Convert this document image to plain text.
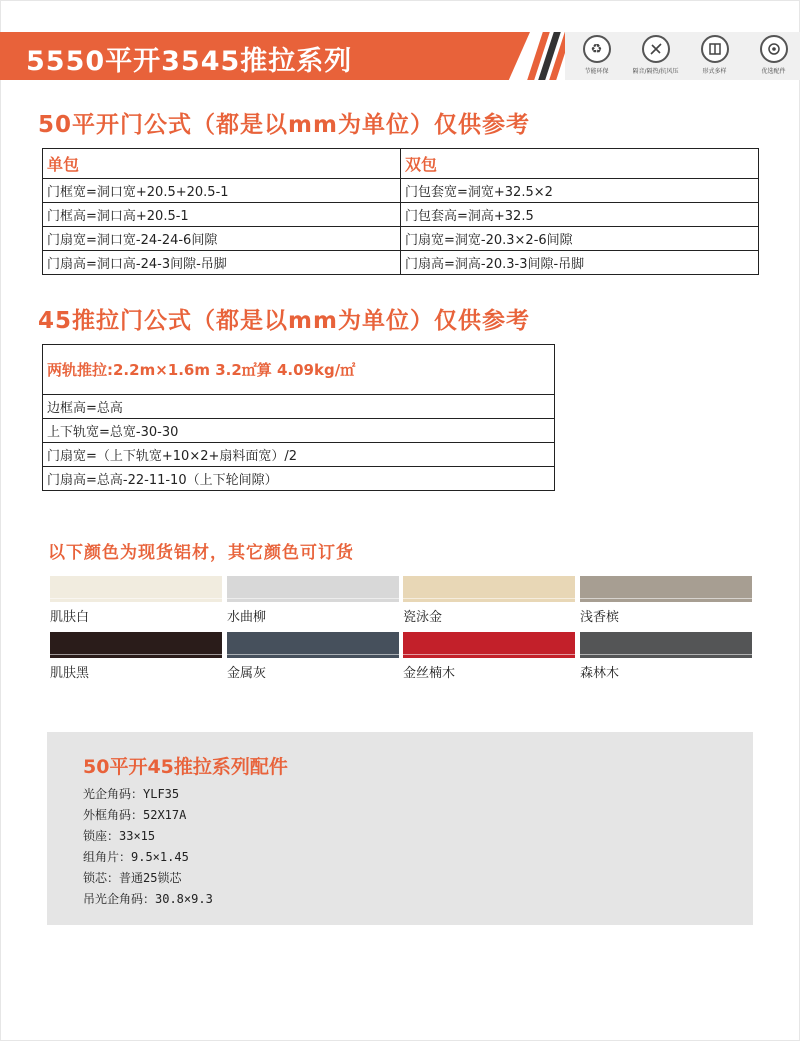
5550平开3545推拉系列	♻
节能环保	隔音/隔热/抗风压	形式多样	优选配件
50平开门公式（都是以mm为单位）仅供参考
单包	双包
门框宽=洞口宽+20.5+20.5-1	门包套宽=洞宽+32.5×2
门框高=洞口高+20.5-1	门包套高=洞高+32.5
门扇宽=洞口宽-24-24-6间隙	门扇宽=洞宽-20.3×2-6间隙
门扇高=洞口高-24-3间隙-吊脚	门扇高=洞高-20.3-3间隙-吊脚
45推拉门公式（都是以mm为单位）仅供参考
两轨推拉:2.2m×1.6m 3.2㎡算 4.09kg/㎡
边框高=总高
上下轨宽=总宽-30-30
门扇宽=（上下轨宽+10×2+扇料面宽）/2
门扇高=总高-22-11-10（上下轮间隙）
以下颜色为现货铝材，其它颜色可订货
肌肤白	水曲柳	瓷泳金	浅香槟
肌肤黑	金属灰	金丝楠木	森林木
50平开45推拉系列配件
光企角码：YLF35
外框角码：52X17A
锁座：33×15
组角片：9.5×1.45
锁芯：普通25锁芯
吊光企角码：30.8×9.3
